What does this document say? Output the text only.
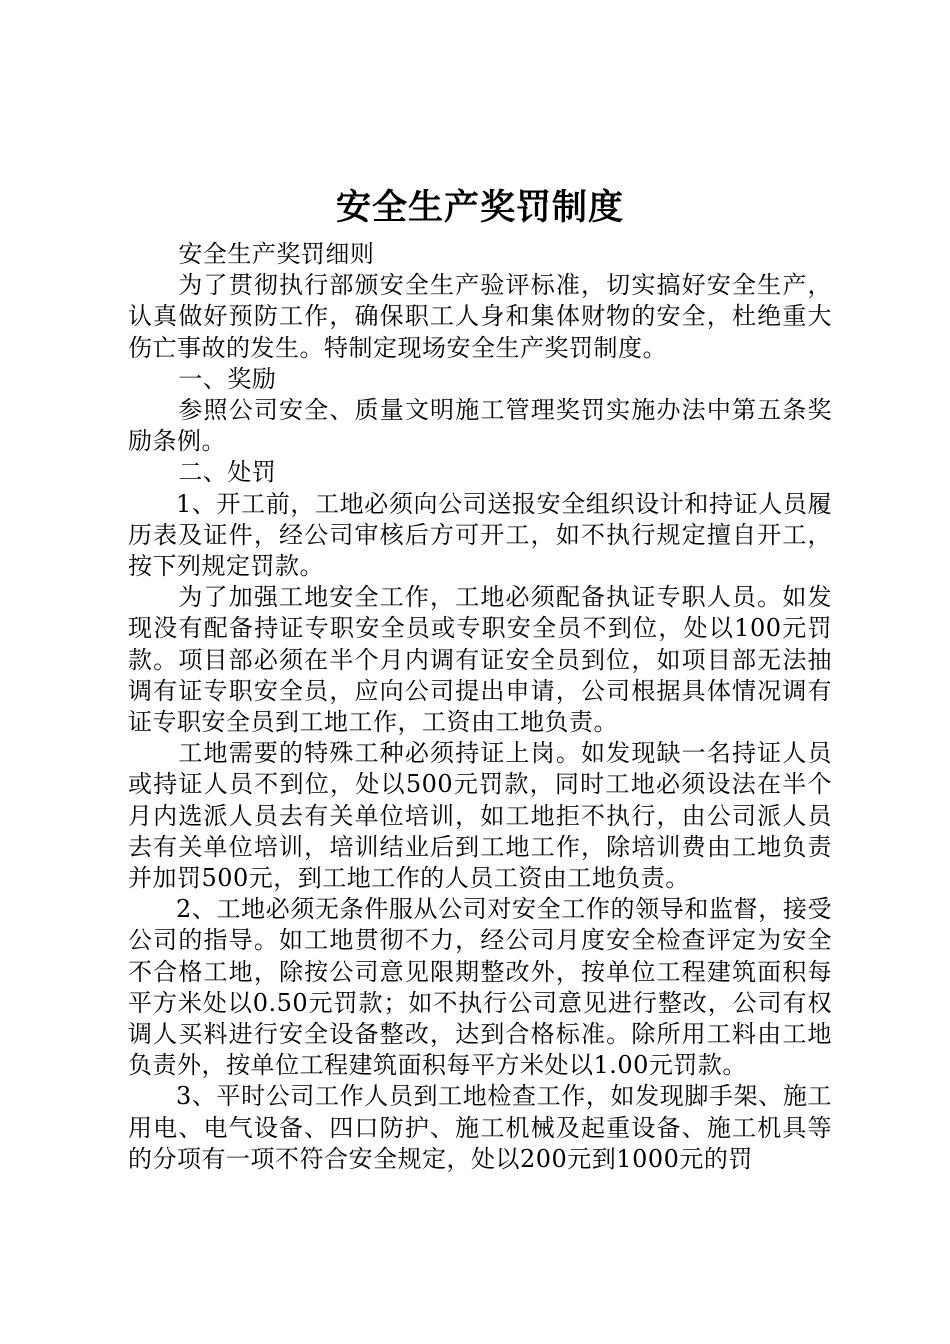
安全生产奖罚制度

安全生产奖罚细则

为了贯彻执行部颁安全生产验评标准，切实搞好安全生产，认真做好预防工作，确保职工人身和集体财物的安全，杜绝重大伤亡事故的发生。特制定现场安全生产奖罚制度。

一、奖励

参照公司安全、质量文明施工管理奖罚实施办法中第五条奖励条例。

二、处罚

1、开工前，工地必须向公司送报安全组织设计和持证人员履历表及证件，经公司审核后方可开工，如不执行规定擅自开工，按下列规定罚款。

为了加强工地安全工作，工地必须配备执证专职人员。如发现没有配备持证专职安全员或专职安全员不到位，处以100元罚款。项目部必须在半个月内调有证安全员到位，如项目部无法抽调有证专职安全员，应向公司提出申请，公司根据具体情况调有证专职安全员到工地工作，工资由工地负责。

工地需要的特殊工种必须持证上岗。如发现缺一名持证人员或持证人员不到位，处以500元罚款，同时工地必须设法在半个月内选派人员去有关单位培训，如工地拒不执行，由公司派人员去有关单位培训，培训结业后到工地工作，除培训费由工地负责并加罚500元，到工地工作的人员工资由工地负责。

2、工地必须无条件服从公司对安全工作的领导和监督，接受公司的指导。如工地贯彻不力，经公司月度安全检查评定为安全不合格工地，除按公司意见限期整改外，按单位工程建筑面积每平方米处以0.50元罚款；如不执行公司意见进行整改，公司有权调人买料进行安全设备整改，达到合格标准。除所用工料由工地负责外，按单位工程建筑面积每平方米处以1.00元罚款。

3、平时公司工作人员到工地检查工作，如发现脚手架、施工用电、电气设备、四口防护、施工机械及起重设备、施工机具等的分项有一项不符合安全规定，处以200元到1000元的罚
